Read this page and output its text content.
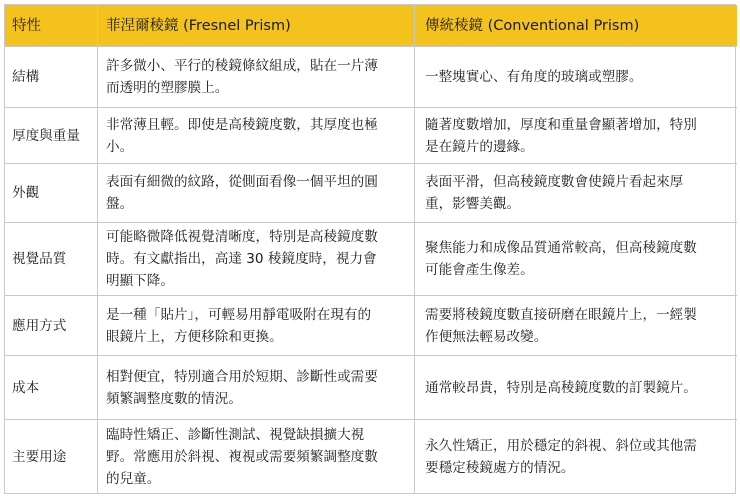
特性	菲涅爾稜鏡 (Fresnel Prism)	傳統稜鏡 (Conventional Prism)
結構
許多微小、平行的稜鏡條紋組成，貼在一片薄
而透明的塑膠膜上。
一整塊實心、有角度的玻璃或塑膠。
厚度與重量
非常薄且輕。即使是高稜鏡度數，其厚度也極
小。
隨著度數增加，厚度和重量會顯著增加，特別
是在鏡片的邊緣。
外觀
表面有細微的紋路，從側面看像一個平坦的圓
盤。
表面平滑，但高稜鏡度數會使鏡片看起來厚
重，影響美觀。
視覺品質
可能略微降低視覺清晰度，特別是高稜鏡度數
時。有文獻指出，高達 30 稜鏡度時，視力會
明顯下降。
聚焦能力和成像品質通常較高，但高稜鏡度數
可能會產生像差。
應用方式
是一種「貼片」，可輕易用靜電吸附在現有的
眼鏡片上，方便移除和更換。
需要將稜鏡度數直接研磨在眼鏡片上，一經製
作便無法輕易改變。
成本
相對便宜，特別適合用於短期、診斷性或需要
頻繁調整度數的情況。
通常較昂貴，特別是高稜鏡度數的訂製鏡片。
主要用途
臨時性矯正、診斷性測試、視覺缺損擴大視
野。常應用於斜視、複視或需要頻繁調整度數
的兒童。
永久性矯正，用於穩定的斜視、斜位或其他需
要穩定稜鏡處方的情況。
